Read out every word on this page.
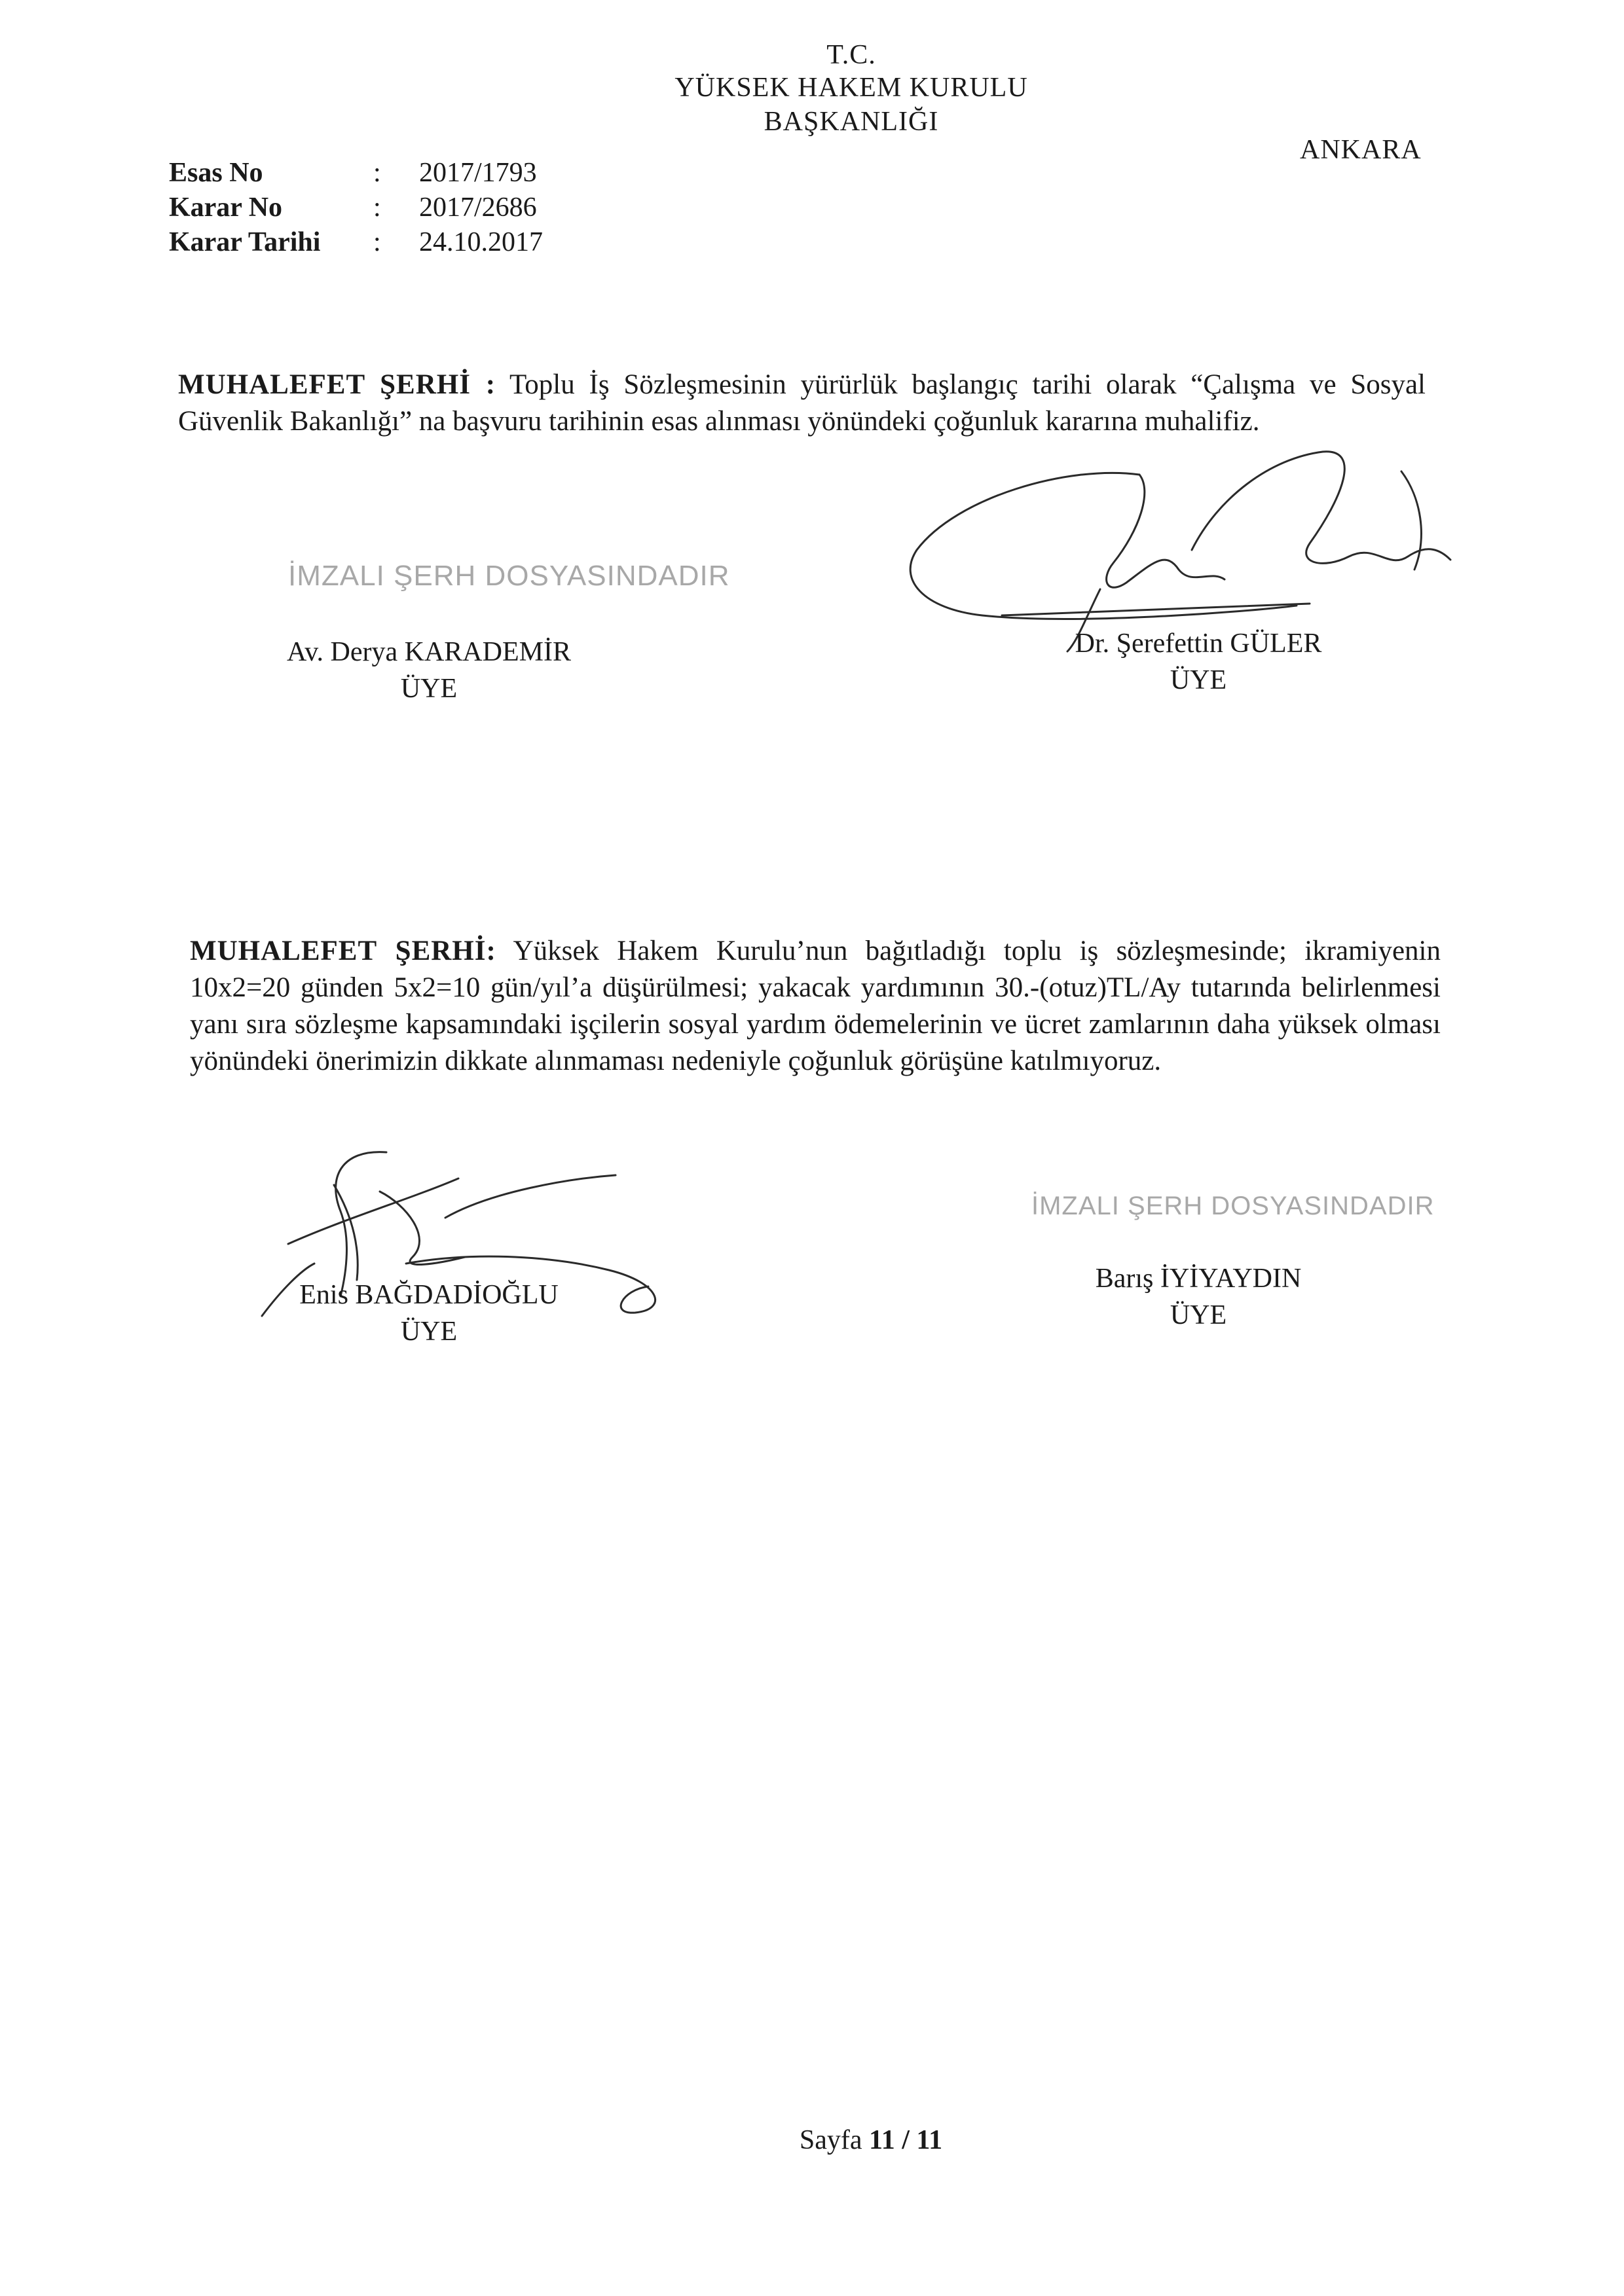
T.C.
YÜKSEK HAKEM KURULU
BAŞKANLIĞI
ANKARA
Esas No	: 2017/1793
Karar No	: 2017/2686
Karar Tarihi : 24.10.2017
MUHALEFET ŞERHİ : Toplu İş Sözleşmesinin yürürlük başlangıç tarihi olarak “Çalışma ve Sosyal Güvenlik Bakanlığı” na başvuru tarihinin esas alınması yönündeki çoğunluk kararına muhalifiz.
İMZALI ŞERH DOSYASINDADIR
Av. Derya KARADEMİR
ÜYE
Dr. Şerefettin GÜLER
ÜYE
MUHALEFET ŞERHİ: Yüksek Hakem Kurulu’nun bağıtladığı toplu iş sözleşmesinde; ikramiyenin 10x2=20 günden 5x2=10 gün/yıl’a düşürülmesi; yakacak yardımının 30.-(otuz)TL/Ay tutarında belirlenmesi yanı sıra sözleşme kapsamındaki işçilerin sosyal yardım ödemelerinin ve ücret zamlarının daha yüksek olması yönündeki önerimizin dikkate alınmaması nedeniyle çoğunluk görüşüne katılmıyoruz.
Enis BAĞDADİOĞLU
ÜYE
İMZALI ŞERH DOSYASINDADIR
Barış İYİYAYDIN
ÜYE
Sayfa 11 / 11
